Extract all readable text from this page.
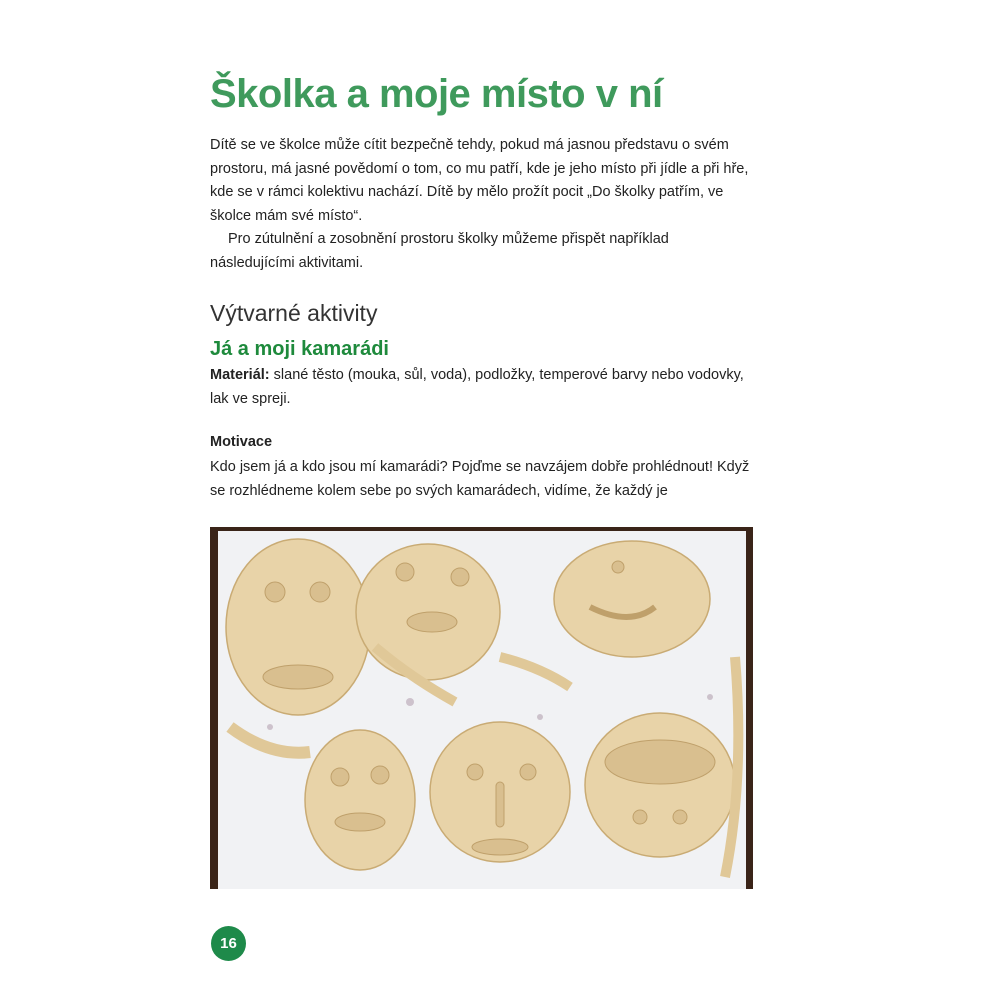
Školka a moje místo v ní

Dítě se ve školce může cítit bezpečně tehdy, pokud má jasnou představu o svém prostoru, má jasné povědomí o tom, co mu patří, kde je jeho místo při jídle a při hře, kde se v rámci kolektivu nachází. Dítě by mělo prožít pocit „Do školky patřím, ve školce mám své místo“.

Pro zútulnění a zosobnění prostoru školky můžeme přispět například následujícími aktivitami.

Výtvarné aktivity
Já a moji kamarádi

Materiál: slané těsto (mouka, sůl, voda), podložky, temperové barvy nebo vodovky, lak ve spreji.

Motivace

Kdo jsem já a kdo jsou mí kamarádi? Pojďme se navzájem dobře prohlédnout! Když se rozhlédneme kolem sebe po svých kamarádech, vidíme, že každý je

16
